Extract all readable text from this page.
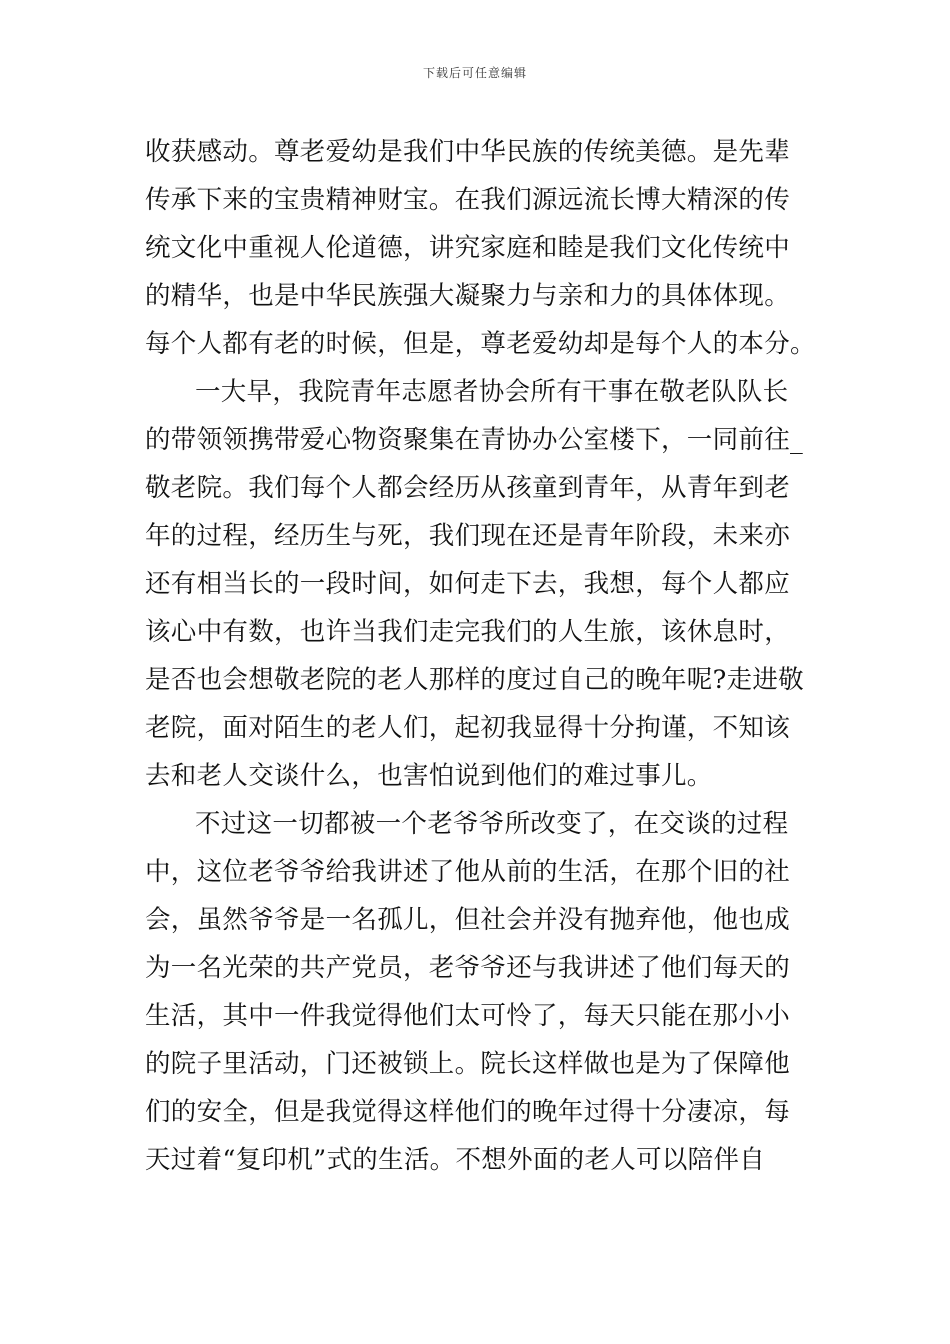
下载后可任意编辑
收获感动。尊老爱幼是我们中华民族的传统美德。是先辈
传承下来的宝贵精神财宝。在我们源远流长博大精深的传
统文化中重视人伦道德，讲究家庭和睦是我们文化传统中
的精华，也是中华民族强大凝聚力与亲和力的具体体现。
每个人都有老的时候，但是，尊老爱幼却是每个人的本分。
一大早，我院青年志愿者协会所有干事在敬老队队长
的带领领携带爱心物资聚集在青协办公室楼下，一同前往_
敬老院。我们每个人都会经历从孩童到青年，从青年到老
年的过程，经历生与死，我们现在还是青年阶段，未来亦
还有相当长的一段时间，如何走下去，我想，每个人都应
该心中有数，也许当我们走完我们的人生旅，该休息时，
是否也会想敬老院的老人那样的度过自己的晚年呢?走进敬
老院，面对陌生的老人们，起初我显得十分拘谨，不知该
去和老人交谈什么，也害怕说到他们的难过事儿。
不过这一切都被一个老爷爷所改变了，在交谈的过程
中，这位老爷爷给我讲述了他从前的生活，在那个旧的社
会，虽然爷爷是一名孤儿，但社会并没有抛弃他，他也成
为一名光荣的共产党员，老爷爷还与我讲述了他们每天的
生活，其中一件我觉得他们太可怜了，每天只能在那小小
的院子里活动，门还被锁上。院长这样做也是为了保障他
们的安全，但是我觉得这样他们的晚年过得十分凄凉，每
天过着“复印机”式的生活。不想外面的老人可以陪伴自
